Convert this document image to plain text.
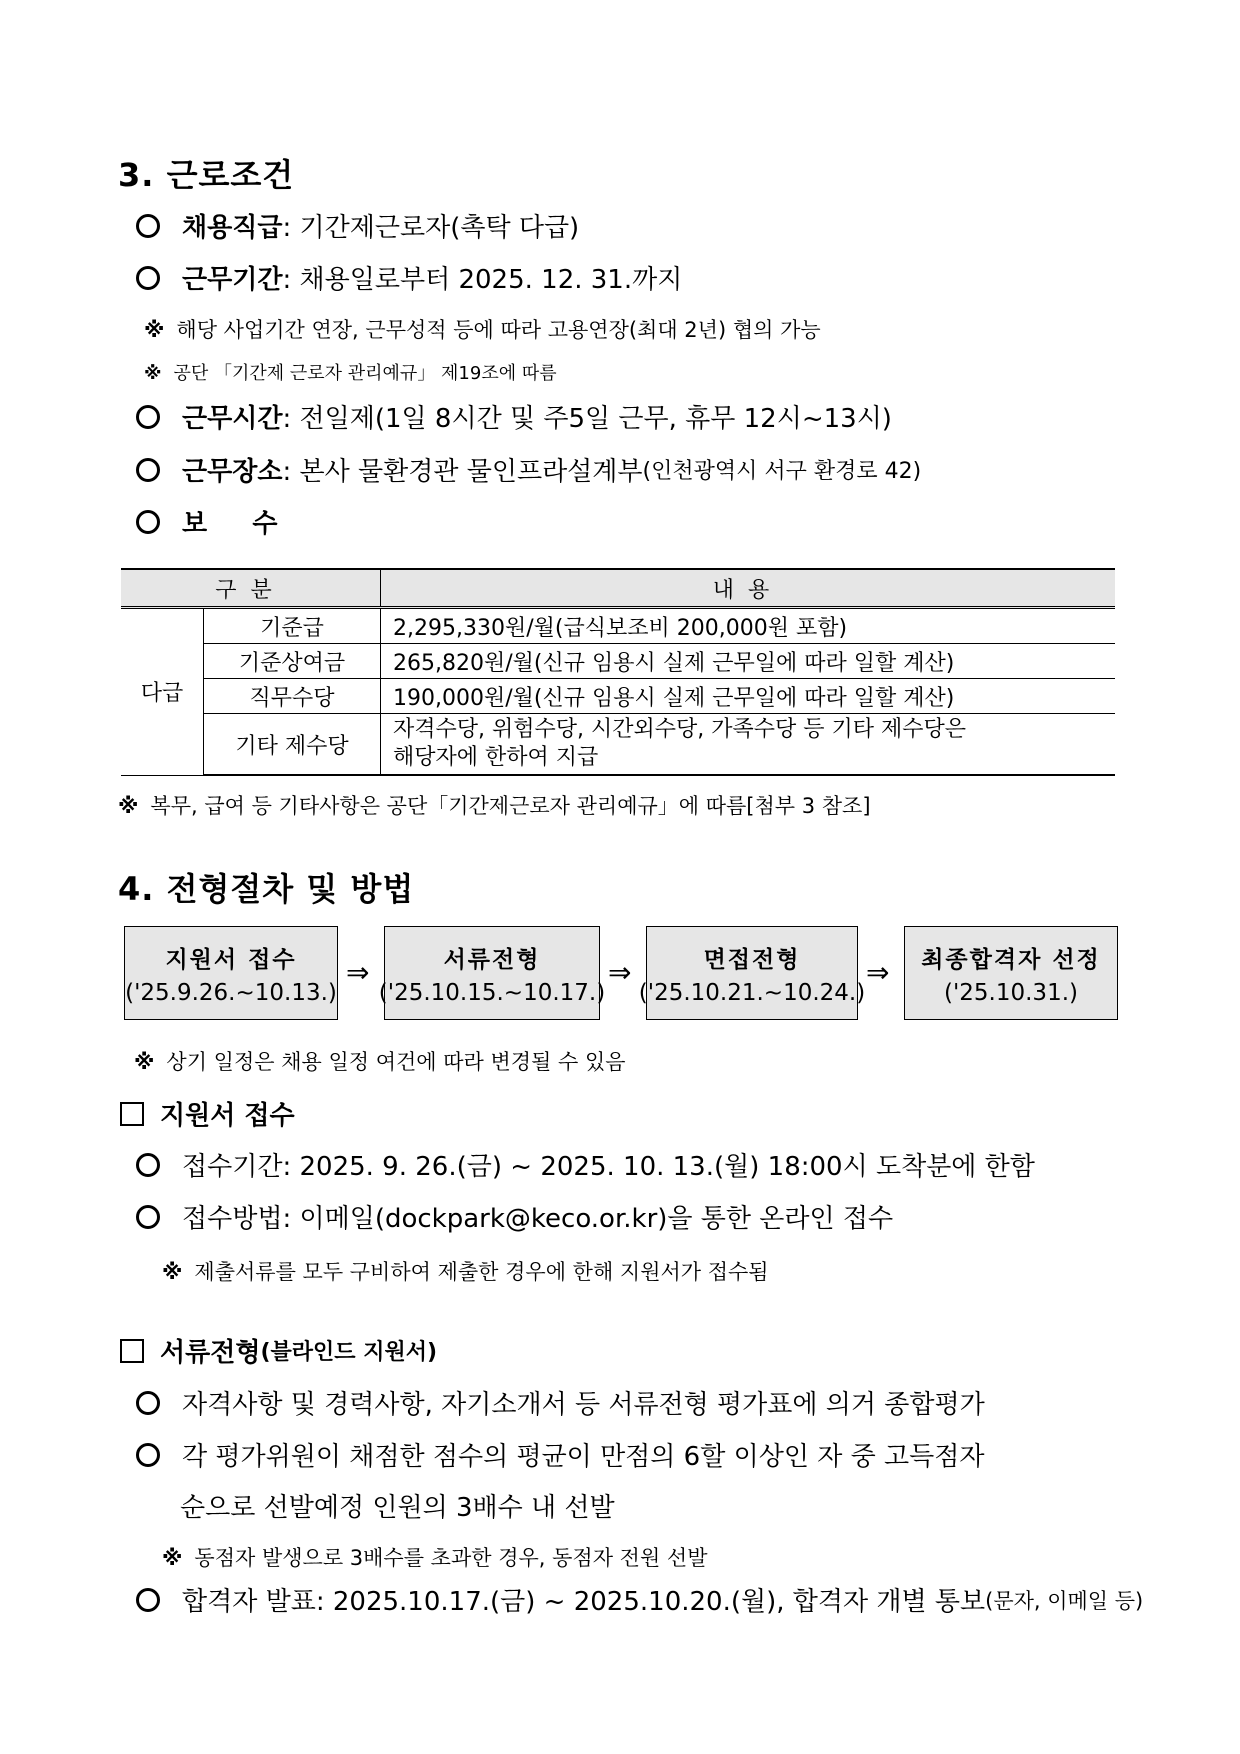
3. 근로조건
채용직급 : 기간제근로자(촉탁 다급)
근무기간 : 채용일로부터 2025. 12. 31.까지
※ 해당 사업기간 연장, 근무성적 등에 따라 고용연장(최대 2년) 협의 가능
※ 공단 「기간제 근로자 관리예규」 제19조에 따름
근무시간 : 전일제(1일 8시간 및 주5일 근무, 휴무 12시~13시)
근무장소 : 본사 물환경관 물인프라설계부 (인천광역시 서구 환경로 42)
보     수
구분		내용
다급	기준급	2,295,330원/월(급식보조비 200,000원 포함)
	기준상여금	265,820원/월(신규 임용시 실제 근무일에 따라 일할 계산)
	직무수당	190,000원/월(신규 임용시 실제 근무일에 따라 일할 계산)
	기타 제수당	자격수당, 위험수당, 시간외수당, 가족수당 등 기타 제수당은
해당자에 한하여 지급
※ 복무, 급여 등 기타사항은 공단「기간제근로자 관리예규」에 따름[첨부 3 참조]
4. 전형절차 및 방법
지원서 접수
('25.9.26.~10.13.)
⇒	서류전형
('25.10.15.~10.17.)
⇒	면접전형
('25.10.21.~10.24.)
⇒ 최종합격자 선정
('25.10.31.)
※ 상기 일정은 채용 일정 여건에 따라 변경될 수 있음
지원서 접수
접수기간: 2025. 9. 26.(금) ~ 2025. 10. 13.(월) 18:00시 도착분에 한함
접수방법: 이메일(dockpark@keco.or.kr)을 통한 온라인 접수
※ 제출서류를 모두 구비하여 제출한 경우에 한해 지원서가 접수됨
서류전형 (블라인드 지원서)
자격사항 및 경력사항, 자기소개서 등 서류전형 평가표에 의거 종합평가
각 평가위원이 채점한 점수의 평균이 만점의 6할 이상인 자 중 고득점자
순으로 선발예정 인원의 3배수 내 선발
※ 동점자 발생으로 3배수를 초과한 경우, 동점자 전원 선발
합격자 발표: 2025.10.17.(금) ~ 2025.10.20.(월), 합격자 개별 통보 (문자, 이메일 등)
